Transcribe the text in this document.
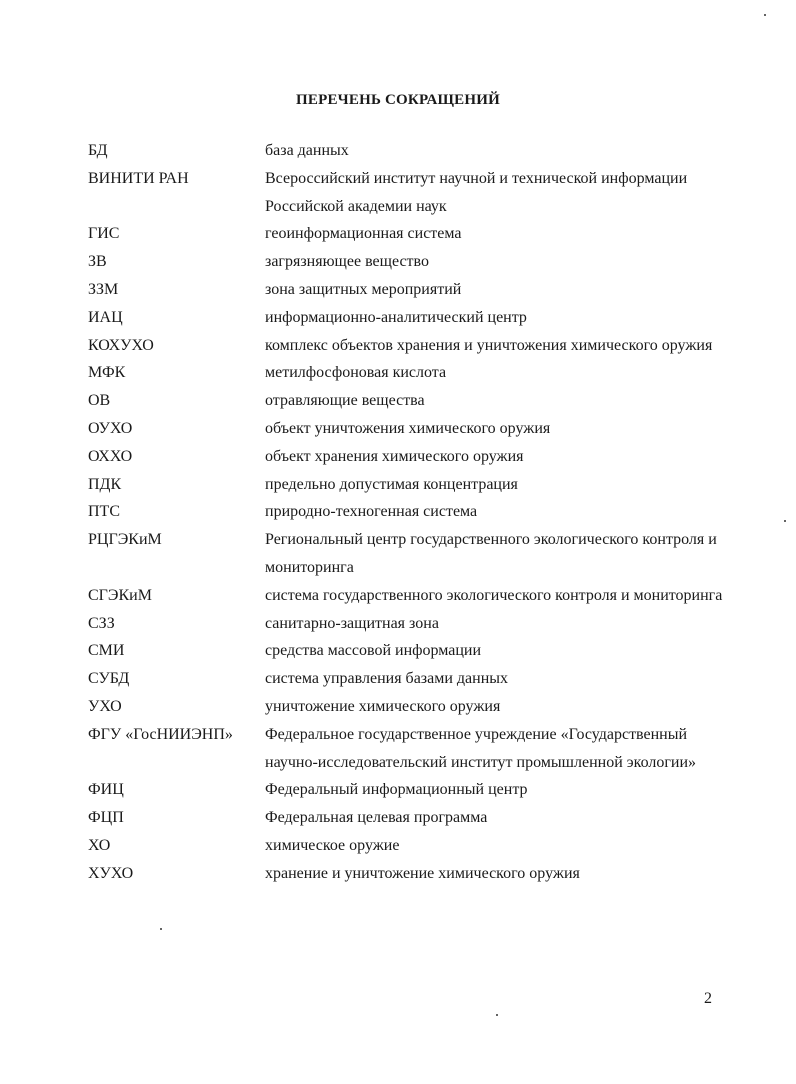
ПЕРЕЧЕНЬ СОКРАЩЕНИЙ
БД	база данных
ВИНИТИ РАН	Всероссийский институт научной и технической информации Российской академии наук
ГИС	геоинформационная система
ЗВ	загрязняющее вещество
ЗЗМ	зона защитных мероприятий
ИАЦ	информационно-аналитический центр
КОХУХО	комплекс объектов хранения и уничтожения химического оружия
МФК	метилфосфоновая кислота
ОВ	отравляющие вещества
ОУХО	объект уничтожения химического оружия
ОХХО	объект хранения химического оружия
ПДК	предельно допустимая концентрация
ПТС	природно-техногенная система
РЦГЭКиМ	Региональный центр государственного экологического контроля и мониторинга
СГЭКиМ	система государственного экологического контроля и мониторинга
СЗЗ	санитарно-защитная зона
СМИ	средства массовой информации
СУБД	система управления базами данных
УХО	уничтожение химического оружия
ФГУ «ГосНИИЭНП»	Федеральное государственное учреждение «Государственный научно-исследовательский институт промышленной экологии»
ФИЦ	Федеральный информационный центр
ФЦП	Федеральная целевая программа
ХО	химическое оружие
ХУХО	хранение и уничтожение химического оружия
2
